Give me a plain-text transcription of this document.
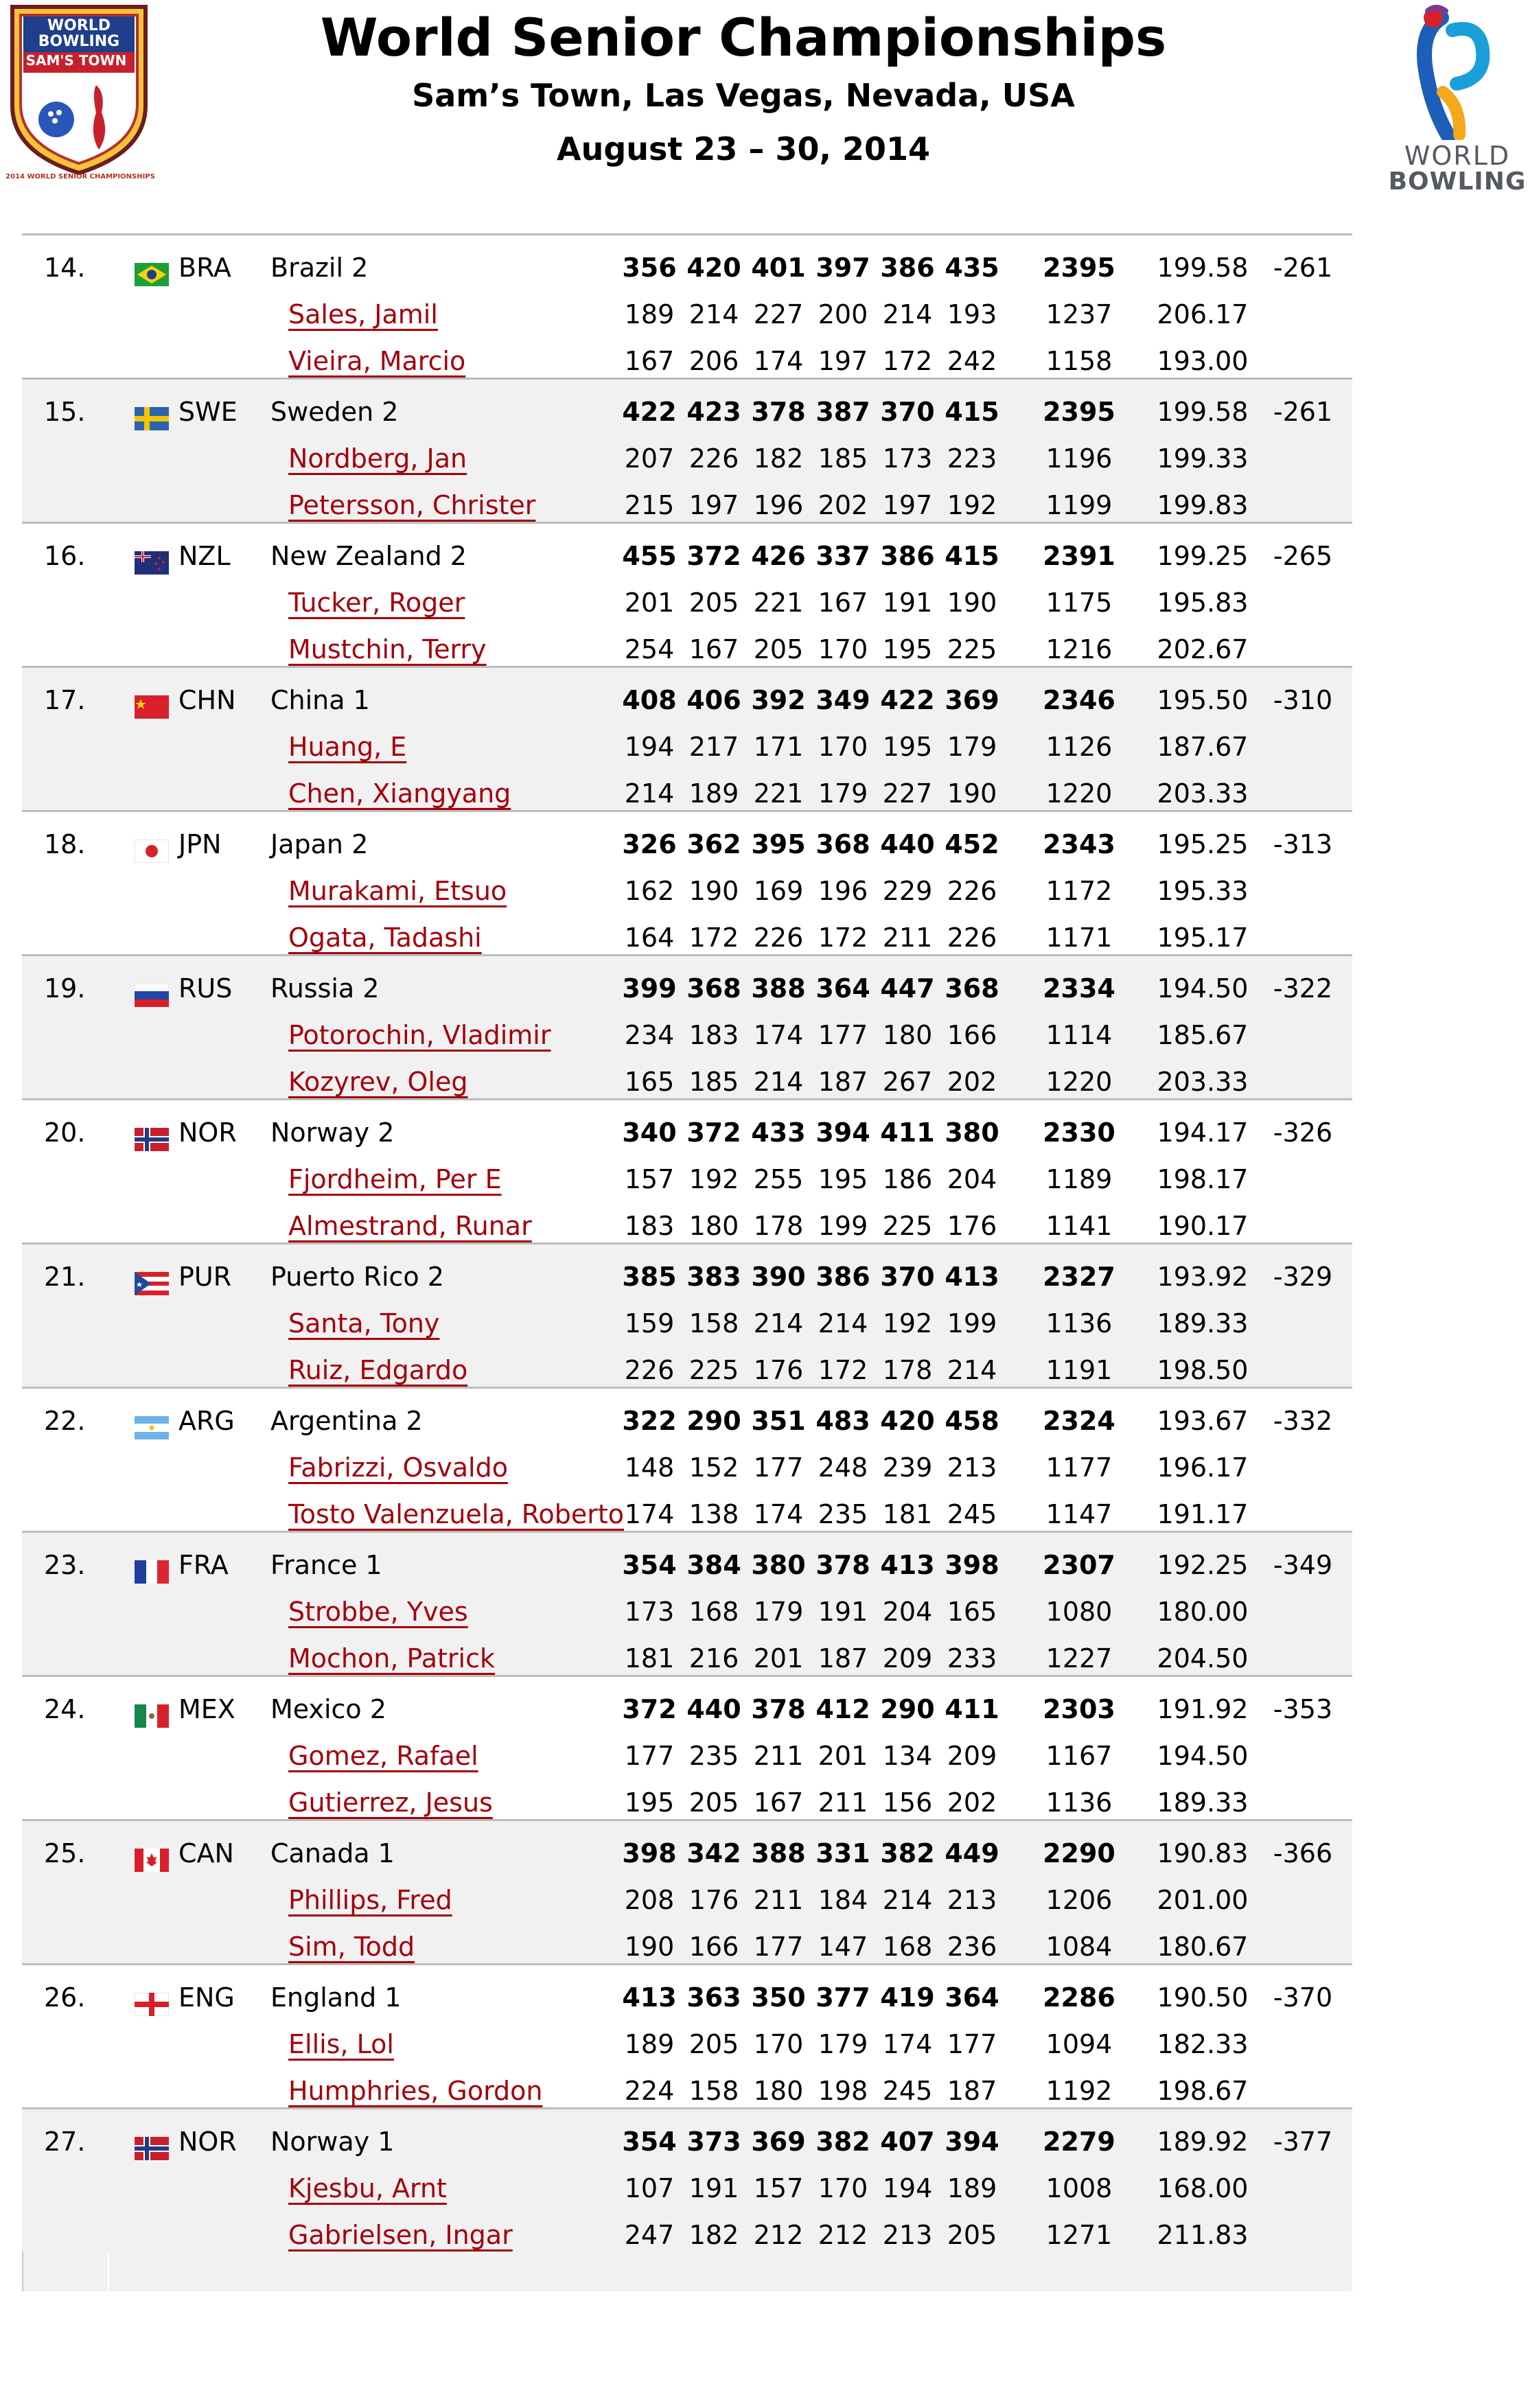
WORLD
BOWLING
SAM'S TOWN
2014 WORLD SENIOR CHAMPIONSHIPS
World Senior Championships
Sam’s Town, Las Vegas, Nevada, USA
August 23 – 30, 2014	WORLD
BOWLING
14.	BRA Brazil 2	356 420 401 397 386 435 2395	199.58 -261
Sales, Jamil	189 214 227 200 214 193	1237	206.17
Vieira, Marcio	167 206 174 197 172 242	1158	193.00
15.	SWE Sweden 2	422 423 378 387 370 415 2395	199.58 -261
Nordberg, Jan	207 226 182 185 173 223	1196	199.33
Petersson, Christer	215 197 196 202 197 192	1199	199.83
16.	NZL New Zealand 2	455 372 426 337 386 415 2391	199.25 -265
Tucker, Roger	201 205 221 167 191 190	1175	195.83
Mustchin, Terry	254 167 205 170 195 225	1216	202.67
17.	CHN China 1	408 406 392 349 422 369 2346	195.50 -310
Huang, E	194 217 171 170 195 179	1126	187.67
Chen, Xiangyang	214 189 221 179 227 190	1220	203.33
18.	JPN Japan 2	326 362 395 368 440 452 2343	195.25 -313
Murakami, Etsuo	162 190 169 196 229 226	1172	195.33
Ogata, Tadashi	164 172 226 172 211 226	1171	195.17
19.	RUS Russia 2	399 368 388 364 447 368 2334	194.50 -322
Potorochin, Vladimir	234 183 174 177 180 166	1114	185.67
Kozyrev, Oleg	165 185 214 187 267 202	1220	203.33
20.	NOR Norway 2	340 372 433 394 411 380 2330	194.17 -326
Fjordheim, Per E	157 192 255 195 186 204	1189	198.17
Almestrand, Runar	183 180 178 199 225 176	1141	190.17
21.	PUR Puerto Rico 2	385 383 390 386 370 413 2327	193.92 -329
Santa, Tony	159 158 214 214 192 199	1136	189.33
Ruiz, Edgardo	226 225 176 172 178 214	1191	198.50
22.	ARG Argentina 2	322 290 351 483 420 458 2324	193.67 -332
Fabrizzi, Osvaldo	148 152 177 248 239 213	1177	196.17
Tosto Valenzuela, Roberto 174 138 174 235 181 245	1147	191.17
23.	FRA France 1	354 384 380 378 413 398 2307	192.25 -349
Strobbe, Yves	173 168 179 191 204 165	1080	180.00
Mochon, Patrick	181 216 201 187 209 233	1227	204.50
24.	MEX Mexico 2	372 440 378 412 290 411 2303	191.92 -353
Gomez, Rafael	177 235 211 201 134 209	1167	194.50
Gutierrez, Jesus	195 205 167 211 156 202	1136	189.33
25.	CAN Canada 1	398 342 388 331 382 449 2290	190.83 -366
Phillips, Fred	208 176 211 184 214 213	1206	201.00
Sim, Todd	190 166 177 147 168 236	1084	180.67
26.	ENG England 1	413 363 350 377 419 364 2286	190.50 -370
Ellis, Lol	189 205 170 179 174 177	1094	182.33
Humphries, Gordon	224 158 180 198 245 187	1192	198.67
27.	NOR Norway 1	354 373 369 382 407 394 2279	189.92 -377
Kjesbu, Arnt	107 191 157 170 194 189	1008	168.00
Gabrielsen, Ingar	247 182 212 212 213 205	1271	211.83
